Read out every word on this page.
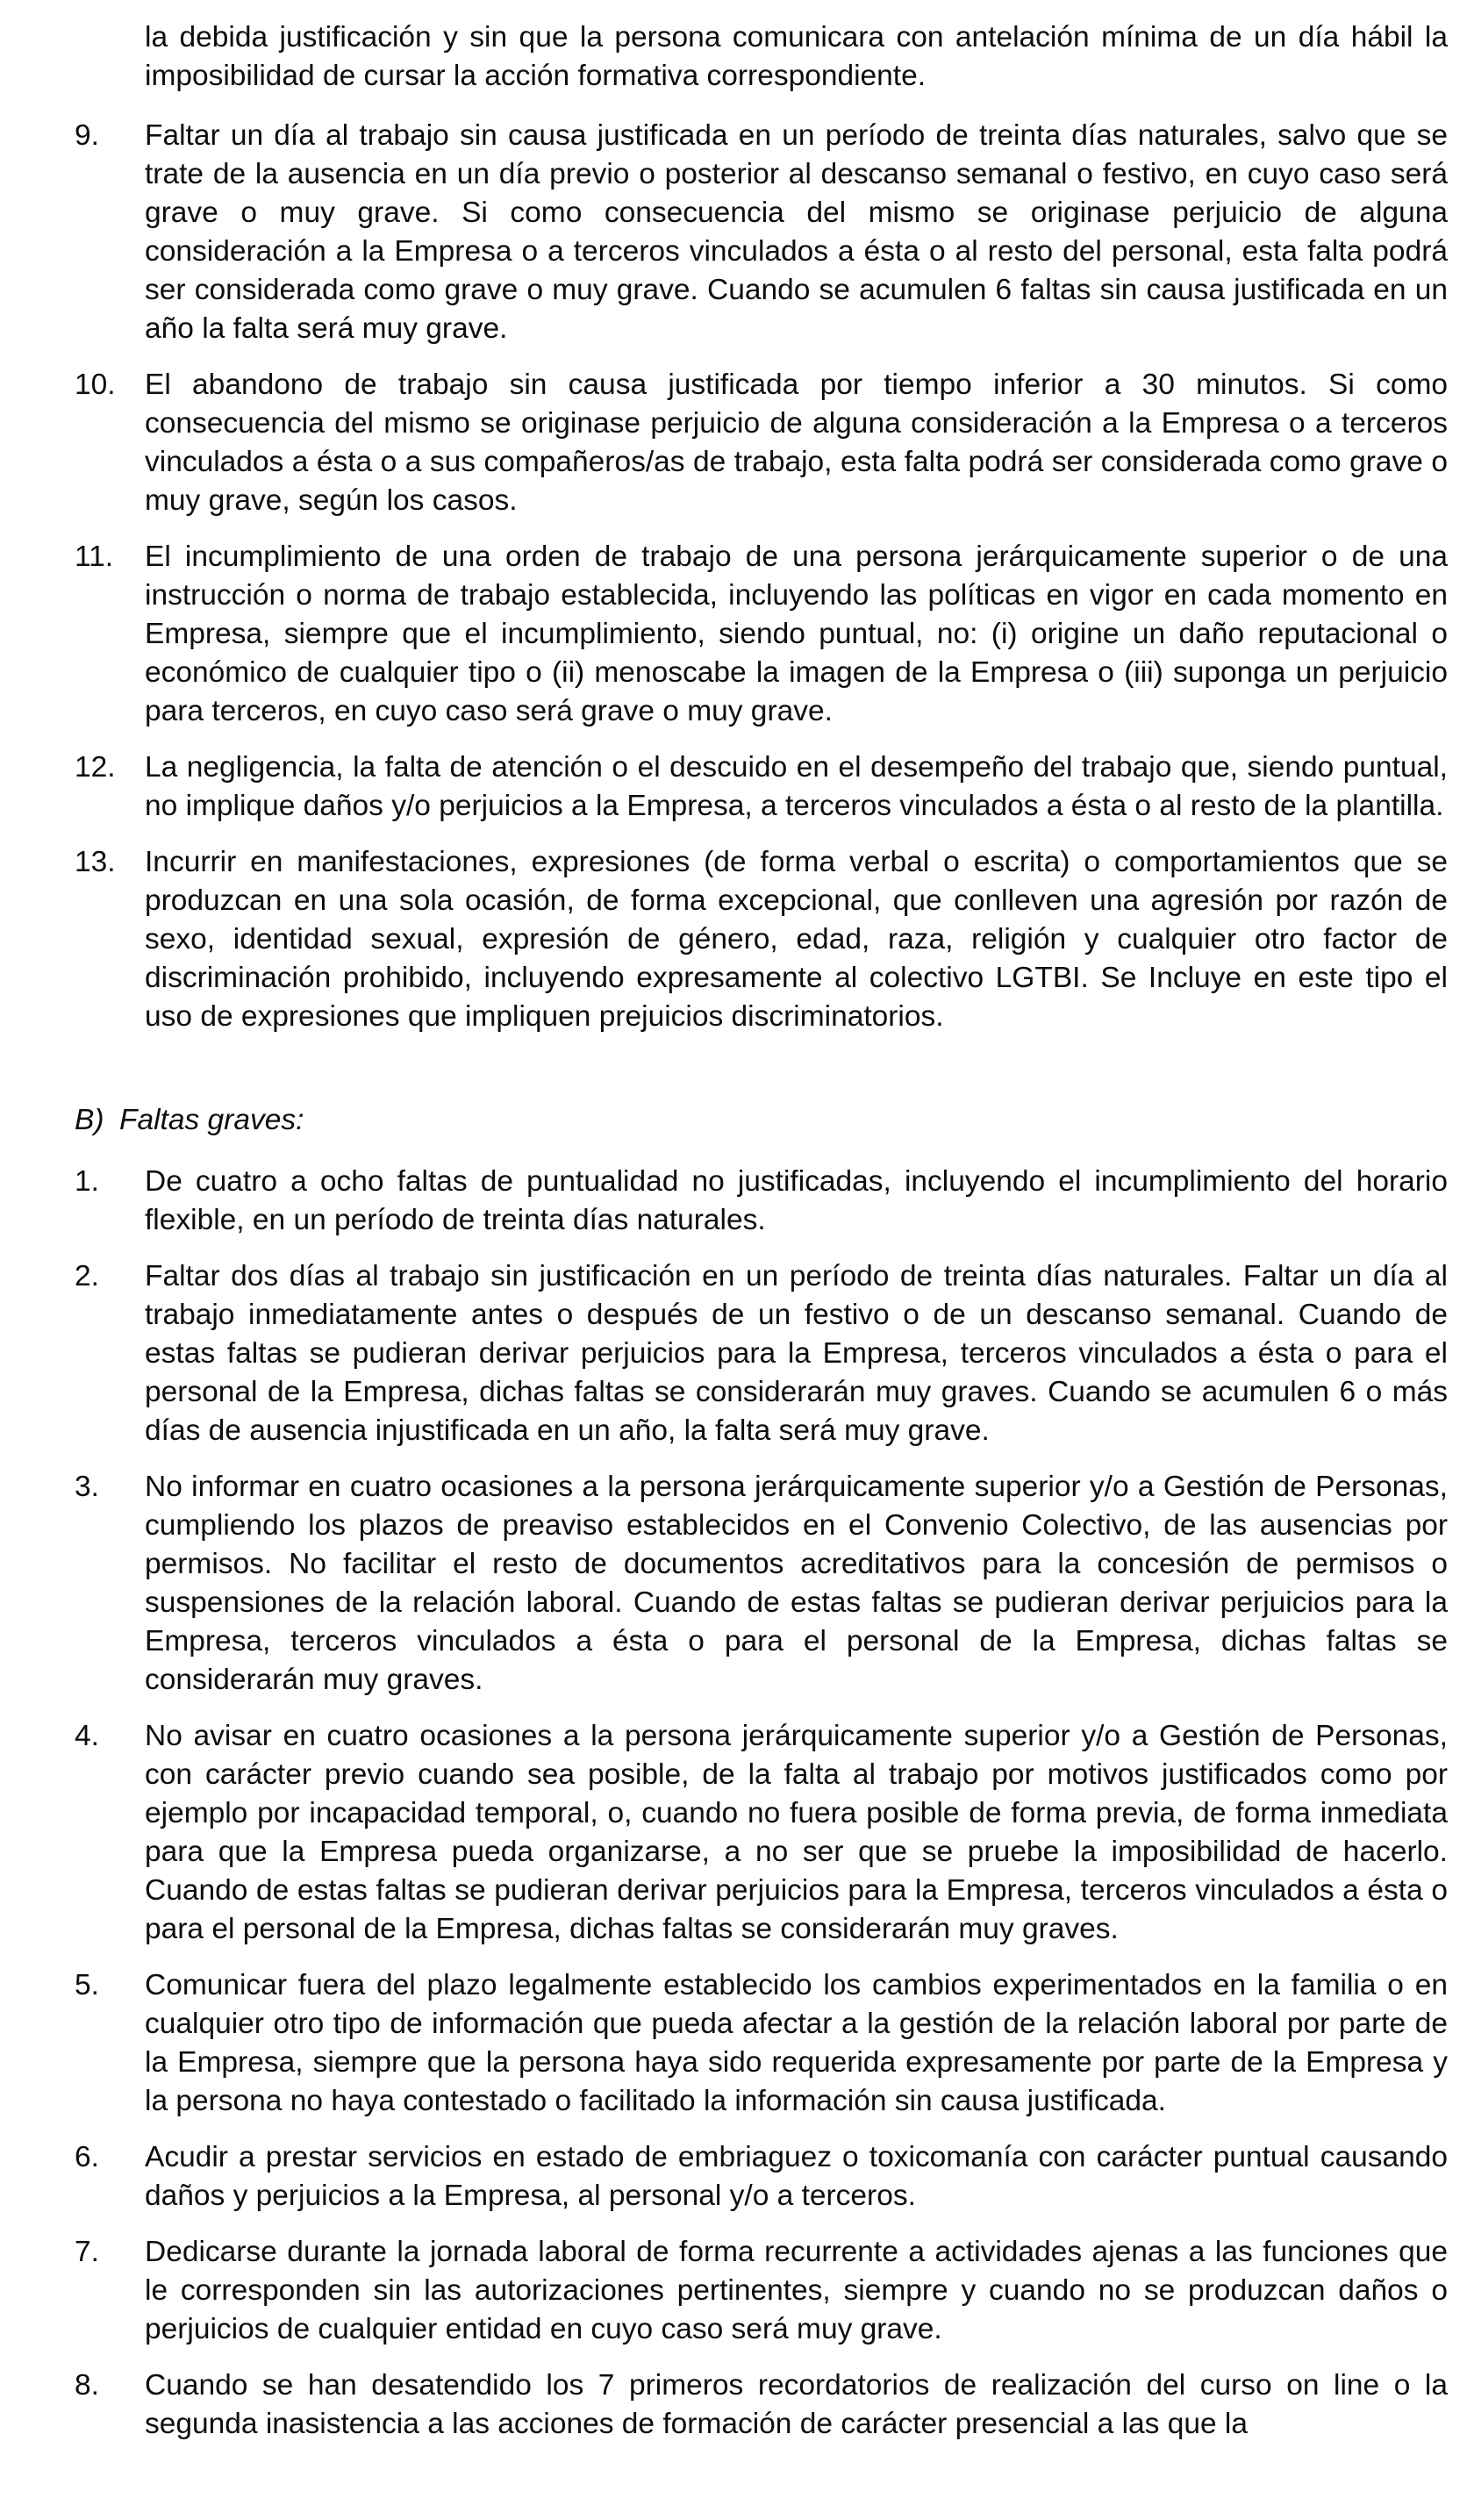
la debida justificación y sin que la persona comunicara con antelación mínima de un día hábil la imposibilidad de cursar la acción formativa correspondiente.

9.	Faltar un día al trabajo sin causa justificada en un período de treinta días naturales, salvo que se trate de la ausencia en un día previo o posterior al descanso semanal o festivo, en cuyo caso será grave o muy grave. Si como consecuencia del mismo se originase perjuicio de alguna consideración a la Empresa o a terceros vinculados a ésta o al resto del personal, esta falta podrá ser considerada como grave o muy grave. Cuando se acumulen 6 faltas sin causa justificada en un año la falta será muy grave.

10. El abandono de trabajo sin causa justificada por tiempo inferior a 30 minutos. Si como consecuencia del mismo se originase perjuicio de alguna consideración a la Empresa o a terceros vinculados a ésta o a sus compañeros/as de trabajo, esta falta podrá ser considerada como grave o muy grave, según los casos.

11.	El incumplimiento de una orden de trabajo de una persona jerárquicamente superior o de una instrucción o norma de trabajo establecida, incluyendo las políticas en vigor en cada momento en Empresa, siempre que el incumplimiento, siendo puntual, no: (i) origine un daño reputacional o económico de cualquier tipo o (ii) menoscabe la imagen de la Empresa o (iii) suponga un perjuicio para terceros, en cuyo caso será grave o muy grave.

12. La negligencia, la falta de atención o el descuido en el desempeño del trabajo que, siendo puntual, no implique daños y/o perjuicios a la Empresa, a terceros vinculados a ésta o al resto de la plantilla.

13. Incurrir en manifestaciones, expresiones (de forma verbal o escrita) o comportamientos que se produzcan en una sola ocasión, de forma excepcional, que conlleven una agresión por razón de sexo, identidad sexual, expresión de género, edad, raza, religión y cualquier otro factor de discriminación prohibido, incluyendo expresamente al colectivo LGTBI. Se Incluye en este tipo el uso de expresiones que impliquen prejuicios discriminatorios.

B) Faltas graves:
1.	De cuatro a ocho faltas de puntualidad no justificadas, incluyendo el incumplimiento del horario flexible, en un período de treinta días naturales.

2.	Faltar dos días al trabajo sin justificación en un período de treinta días naturales. Faltar un día al trabajo inmediatamente antes o después de un festivo o de un descanso semanal. Cuando de estas faltas se pudieran derivar perjuicios para la Empresa, terceros vinculados a ésta o para el personal de la Empresa, dichas faltas se considerarán muy graves. Cuando se acumulen 6 o más días de ausencia injustificada en un año, la falta será muy grave.

3.	No informar en cuatro ocasiones a la persona jerárquicamente superior y/o a Gestión de Personas, cumpliendo los plazos de preaviso establecidos en el Convenio Colectivo, de las ausencias por permisos. No facilitar el resto de documentos acreditativos para la concesión de permisos o suspensiones de la relación laboral. Cuando de estas faltas se pudieran derivar perjuicios para la Empresa, terceros vinculados a ésta o para el personal de la Empresa, dichas faltas se considerarán muy graves.

4.	No avisar en cuatro ocasiones a la persona jerárquicamente superior y/o a Gestión de Personas, con carácter previo cuando sea posible, de la falta al trabajo por motivos justificados como por ejemplo por incapacidad temporal, o, cuando no fuera posible de forma previa, de forma inmediata para que la Empresa pueda organizarse, a no ser que se pruebe la imposibilidad de hacerlo. Cuando de estas faltas se pudieran derivar perjuicios para la Empresa, terceros vinculados a ésta o para el personal de la Empresa, dichas faltas se considerarán muy graves.

5.	Comunicar fuera del plazo legalmente establecido los cambios experimentados en la familia o en cualquier otro tipo de información que pueda afectar a la gestión de la relación laboral por parte de la Empresa, siempre que la persona haya sido requerida expresamente por parte de la Empresa y la persona no haya contestado o facilitado la información sin causa justificada.

6.	Acudir a prestar servicios en estado de embriaguez o toxicomanía con carácter puntual causando daños y perjuicios a la Empresa, al personal y/o a terceros.

7.	Dedicarse durante la jornada laboral de forma recurrente a actividades ajenas a las funciones que le corresponden sin las autorizaciones pertinentes, siempre y cuando no se produzcan daños o perjuicios de cualquier entidad en cuyo caso será muy grave.

8.	Cuando se han desatendido los 7 primeros recordatorios de realización del curso on line o la segunda inasistencia a las acciones de formación de carácter presencial a las que la
